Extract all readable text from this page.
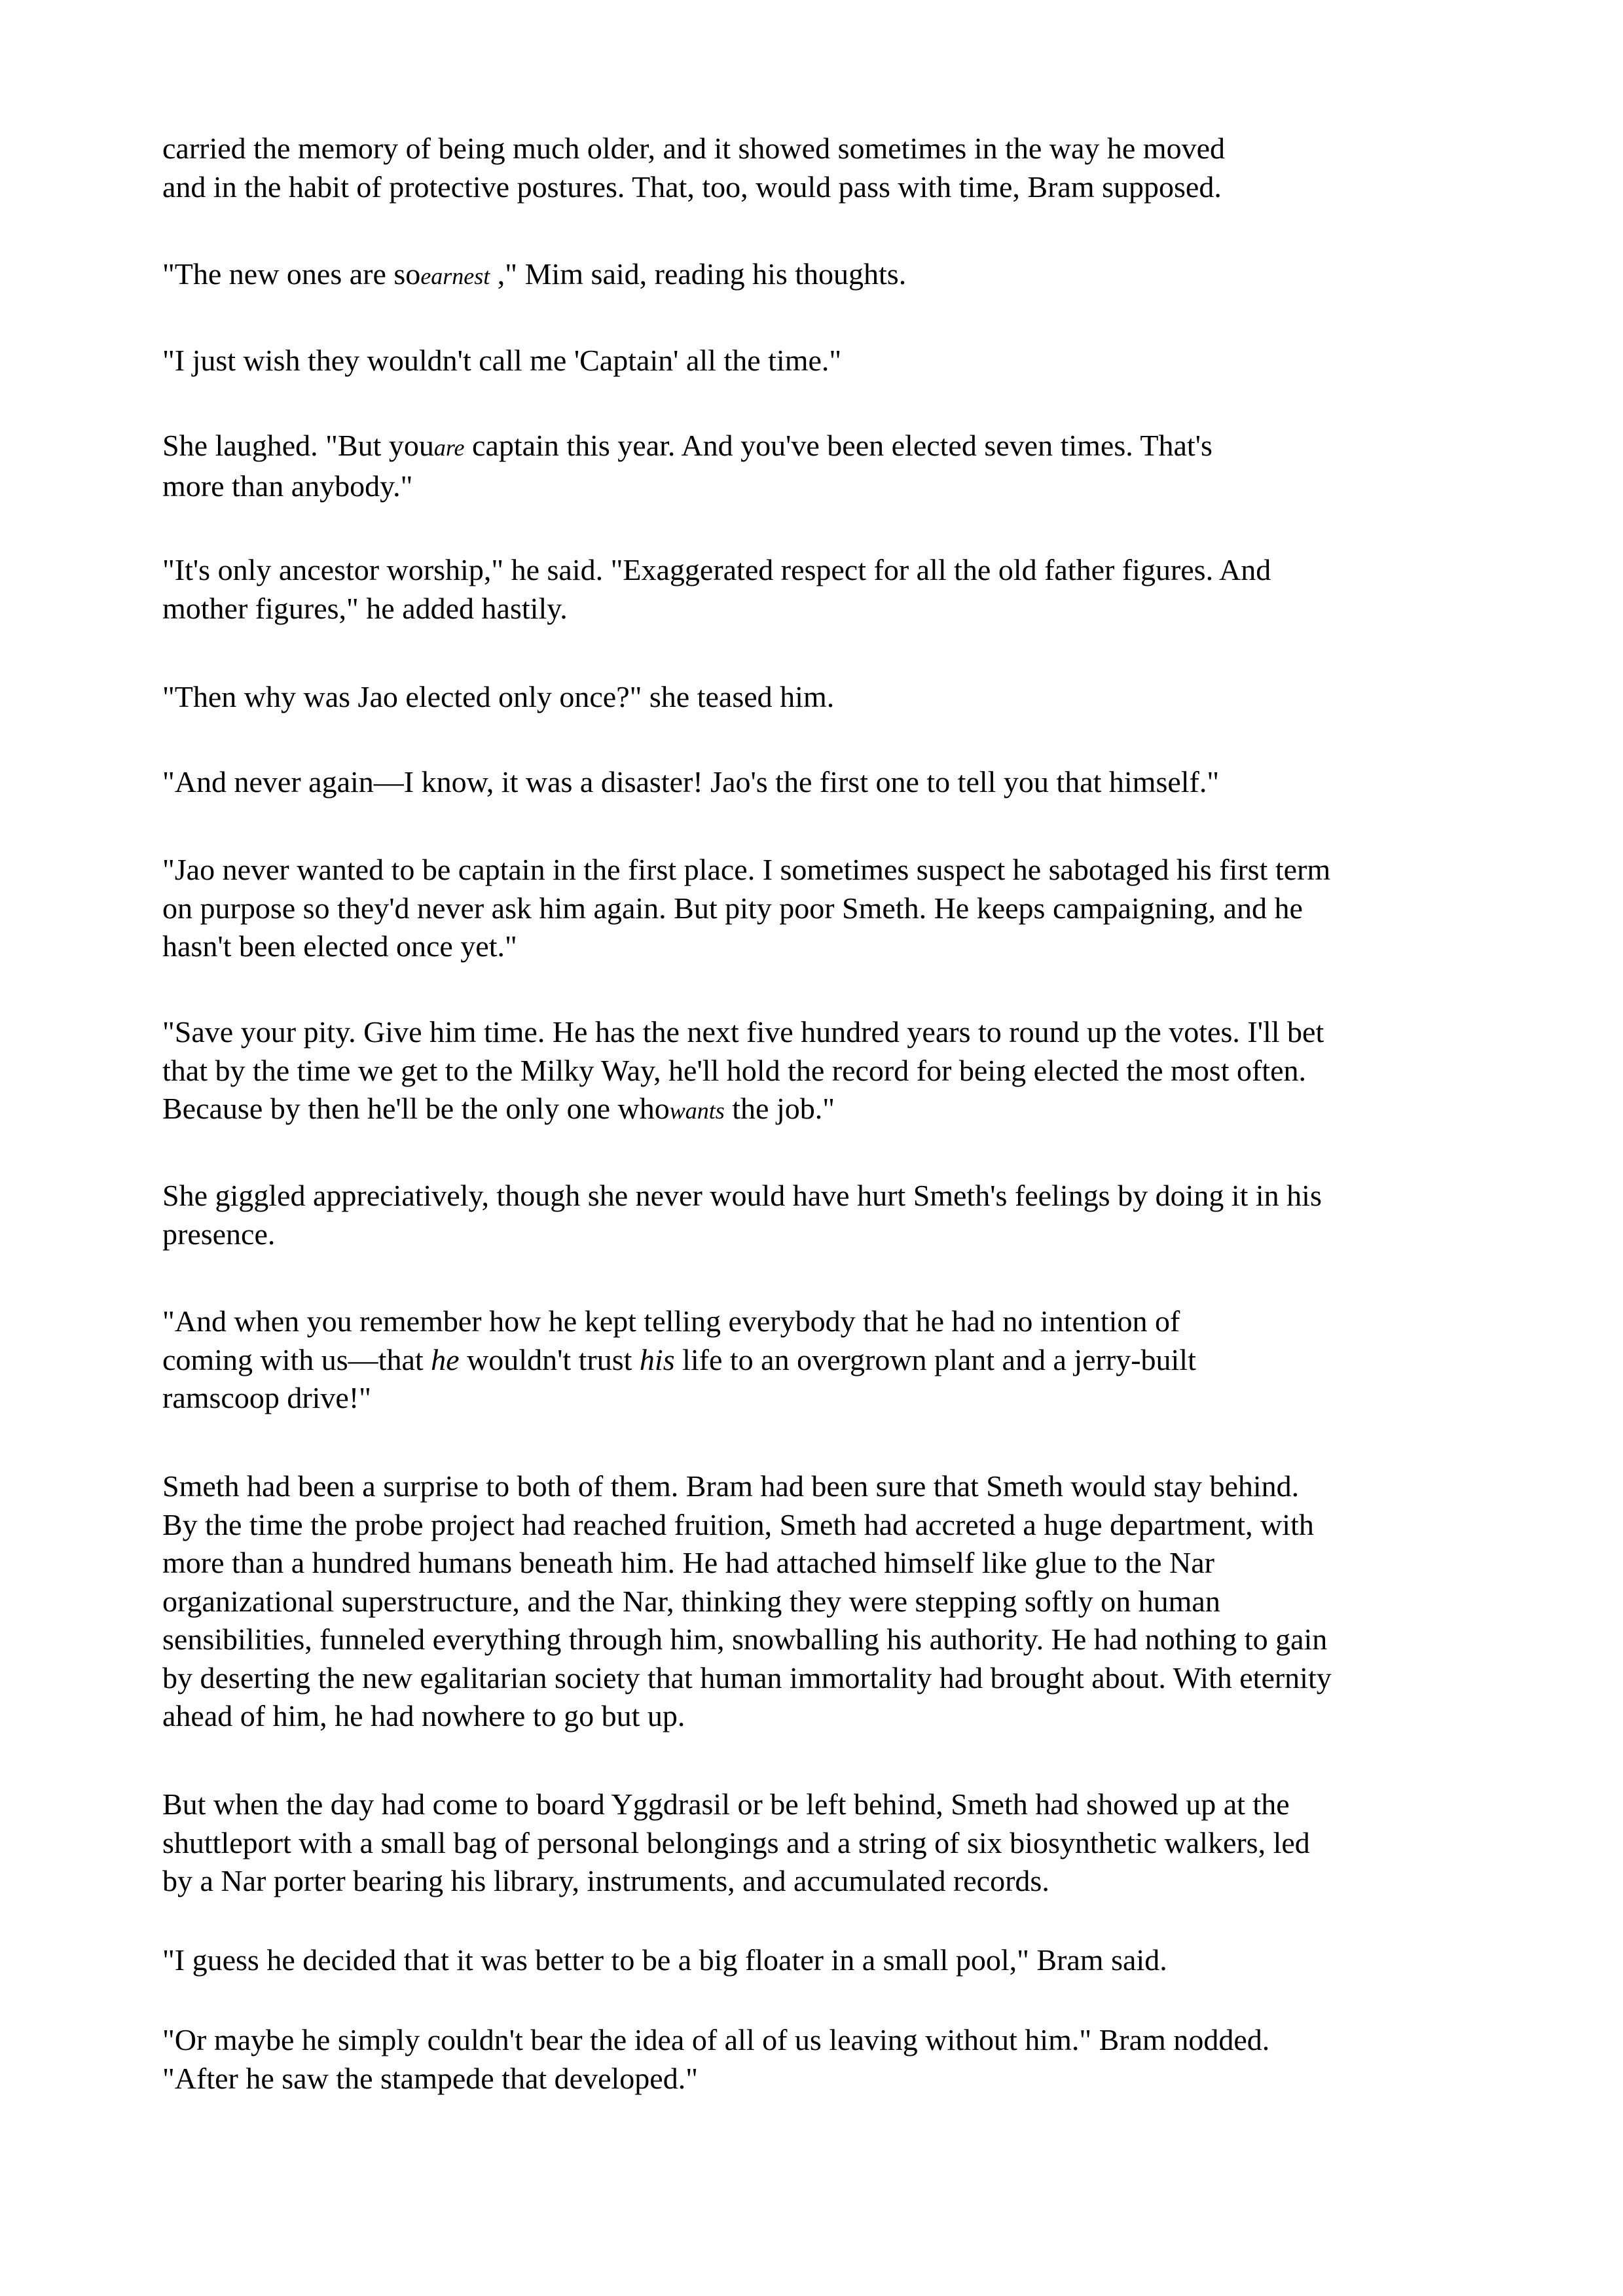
carried the memory of being much older, and it showed sometimes in the way he moved
and in the habit of protective postures. That, too, would pass with time, Bram supposed.

"The new ones are soearnest ," Mim said, reading his thoughts.

"I just wish they wouldn't call me 'Captain' all the time."

She laughed. "But youare captain this year. And you've been elected seven times. That's
more than anybody."

"It's only ancestor worship," he said. "Exaggerated respect for all the old father figures. And
mother figures," he added hastily.

"Then why was Jao elected only once?" she teased him.

"And never again—I know, it was a disaster! Jao's the first one to tell you that himself."

"Jao never wanted to be captain in the first place. I sometimes suspect he sabotaged his first term
on purpose so they'd never ask him again. But pity poor Smeth. He keeps campaigning, and he
hasn't been elected once yet."

"Save your pity. Give him time. He has the next five hundred years to round up the votes. I'll bet
that by the time we get to the Milky Way, he'll hold the record for being elected the most often.
Because by then he'll be the only one whowants the job."

She giggled appreciatively, though she never would have hurt Smeth's feelings by doing it in his
presence.

"And when you remember how he kept telling everybody that he had no intention of
coming with us—that he wouldn't trust his life to an overgrown plant and a jerry-built
ramscoop drive!"

Smeth had been a surprise to both of them. Bram had been sure that Smeth would stay behind.
By the time the probe project had reached fruition, Smeth had accreted a huge department, with
more than a hundred humans beneath him. He had attached himself like glue to the Nar
organizational superstructure, and the Nar, thinking they were stepping softly on human
sensibilities, funneled everything through him, snowballing his authority. He had nothing to gain
by deserting the new egalitarian society that human immortality had brought about. With eternity
ahead of him, he had nowhere to go but up.

But when the day had come to board Yggdrasil or be left behind, Smeth had showed up at the
shuttleport with a small bag of personal belongings and a string of six biosynthetic walkers, led
by a Nar porter bearing his library, instruments, and accumulated records.

"I guess he decided that it was better to be a big floater in a small pool," Bram said.

"Or maybe he simply couldn't bear the idea of all of us leaving without him." Bram nodded.
"After he saw the stampede that developed."
